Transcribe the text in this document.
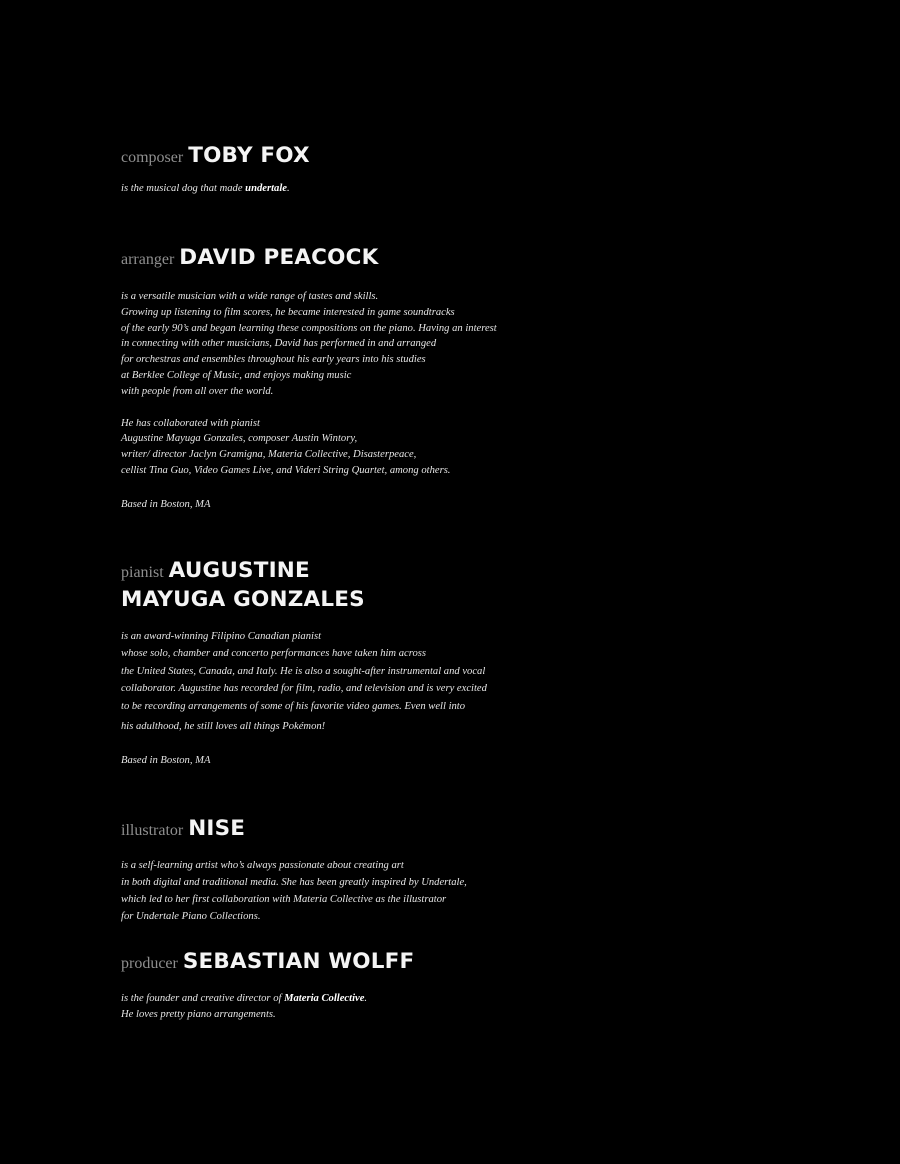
composer TOBY FOX

is the musical dog that made undertale.

arranger DAVID PEACOCK

is a versatile musician with a wide range of tastes and skills.
Growing up listening to film scores, he became interested in game soundtracks
of the early 90’s and began learning these compositions on the piano. Having an interest
in connecting with other musicians, David has performed in and arranged
for orchestras and ensembles throughout his early years into his studies
at Berklee College of Music, and enjoys making music
with people from all over the world.

He has collaborated with pianist
Augustine Mayuga Gonzales, composer Austin Wintory,
writer/ director Jaclyn Gramigna, Materia Collective, Disasterpeace,
cellist Tina Guo, Video Games Live, and Videri String Quartet, among others.

Based in Boston, MA

pianist AUGUSTINE
MAYUGA GONZALES

is an award-winning Filipino Canadian pianist
whose solo, chamber and concerto performances have taken him across
the United States, Canada, and Italy. He is also a sought-after instrumental and vocal
collaborator. Augustine has recorded for film, radio, and television and is very excited
to be recording arrangements of some of his favorite video games. Even well into
his adulthood, he still loves all things Pokémon!

Based in Boston, MA

illustrator NISE

is a self-learning artist who’s always passionate about creating art
in both digital and traditional media. She has been greatly inspired by Undertale,
which led to her first collaboration with Materia Collective as the illustrator
for Undertale Piano Collections.

producer SEBASTIAN WOLFF

is the founder and creative director of Materia Collective.
He loves pretty piano arrangements.
